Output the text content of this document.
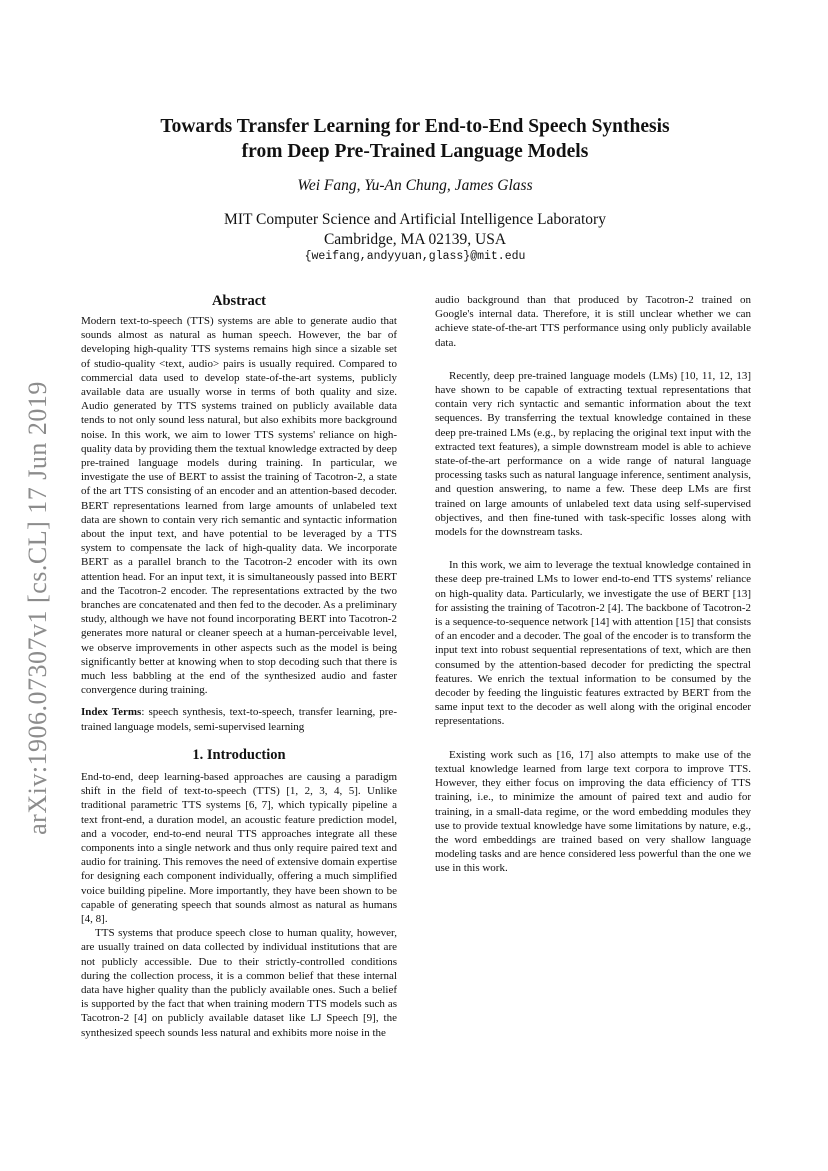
arXiv:1906.07307v1 [cs.CL] 17 Jun 2019
Towards Transfer Learning for End-to-End Speech Synthesis
from Deep Pre-Trained Language Models
Wei Fang, Yu-An Chung, James Glass
MIT Computer Science and Artificial Intelligence Laboratory
Cambridge, MA 02139, USA
{weifang,andyyuan,glass}@mit.edu
Abstract

Modern text-to-speech (TTS) systems are able to generate audio that sounds almost as natural as human speech. However, the bar of developing high-quality TTS systems remains high since a sizable set of studio-quality <text, audio> pairs is usually required. Compared to commercial data used to develop state-of-the-art systems, publicly available data are usually worse in terms of both quality and size. Audio generated by TTS systems trained on publicly available data tends to not only sound less natural, but also exhibits more background noise. In this work, we aim to lower TTS systems' reliance on high-quality data by providing them the textual knowledge extracted by deep pre-trained language models during training. In particular, we investigate the use of BERT to assist the training of Tacotron-2, a state of the art TTS consisting of an encoder and an attention-based decoder. BERT representations learned from large amounts of unlabeled text data are shown to contain very rich semantic and syntactic information about the input text, and have potential to be leveraged by a TTS system to compensate the lack of high-quality data. We incorporate BERT as a parallel branch to the Tacotron-2 encoder with its own attention head. For an input text, it is simultaneously passed into BERT and the Tacotron-2 encoder. The representations extracted by the two branches are concatenated and then fed to the decoder. As a preliminary study, although we have not found incorporating BERT into Tacotron-2 generates more natural or cleaner speech at a human-perceivable level, we observe improvements in other aspects such as the model is being significantly better at knowing when to stop decoding such that there is much less babbling at the end of the synthesized audio and faster convergence during training.

Index Terms: speech synthesis, text-to-speech, transfer learning, pre-trained language models, semi-supervised learning

1. Introduction

End-to-end, deep learning-based approaches are causing a paradigm shift in the field of text-to-speech (TTS) [1, 2, 3, 4, 5]. Unlike traditional parametric TTS systems [6, 7], which typically pipeline a text front-end, a duration model, an acoustic feature prediction model, and a vocoder, end-to-end neural TTS approaches integrate all these components into a single network and thus only require paired text and audio for training. This removes the need of extensive domain expertise for designing each component individually, offering a much simplified voice building pipeline. More importantly, they have been shown to be capable of generating speech that sounds almost as natural as humans [4, 8].

TTS systems that produce speech close to human quality, however, are usually trained on data collected by individual institutions that are not publicly accessible. Due to their strictly-controlled conditions during the collection process, it is a common belief that these internal data have higher quality than the publicly available ones. Such a belief is supported by the fact that when training modern TTS models such as Tacotron-2 [4] on publicly available dataset like LJ Speech [9], the synthesized speech sounds less natural and exhibits more noise in the

audio background than that produced by Tacotron-2 trained on Google's internal data. Therefore, it is still unclear whether we can achieve state-of-the-art TTS performance using only publicly available data.

Recently, deep pre-trained language models (LMs) [10, 11, 12, 13] have shown to be capable of extracting textual representations that contain very rich syntactic and semantic information about the text sequences. By transferring the textual knowledge contained in these deep pre-trained LMs (e.g., by replacing the original text input with the extracted text features), a simple downstream model is able to achieve state-of-the-art performance on a wide range of natural language processing tasks such as natural language inference, sentiment analysis, and question answering, to name a few. These deep LMs are first trained on large amounts of unlabeled text data using self-supervised objectives, and then fine-tuned with task-specific losses along with models for the downstream tasks.

In this work, we aim to leverage the textual knowledge contained in these deep pre-trained LMs to lower end-to-end TTS systems' reliance on high-quality data. Particularly, we investigate the use of BERT [13] for assisting the training of Tacotron-2 [4]. The backbone of Tacotron-2 is a sequence-to-sequence network [14] with attention [15] that consists of an encoder and a decoder. The goal of the encoder is to transform the input text into robust sequential representations of text, which are then consumed by the attention-based decoder for predicting the spectral features. We enrich the textual information to be consumed by the decoder by feeding the linguistic features extracted by BERT from the same input text to the decoder as well along with the original encoder representations.

Existing work such as [16, 17] also attempts to make use of the textual knowledge learned from large text corpora to improve TTS. However, they either focus on improving the data efficiency of TTS training, i.e., to minimize the amount of paired text and audio for training, in a small-data regime, or the word embedding modules they use to provide textual knowledge have some limitations by nature, e.g., the word embeddings are trained based on very shallow language modeling tasks and are hence considered less powerful than the one we use in this work.
